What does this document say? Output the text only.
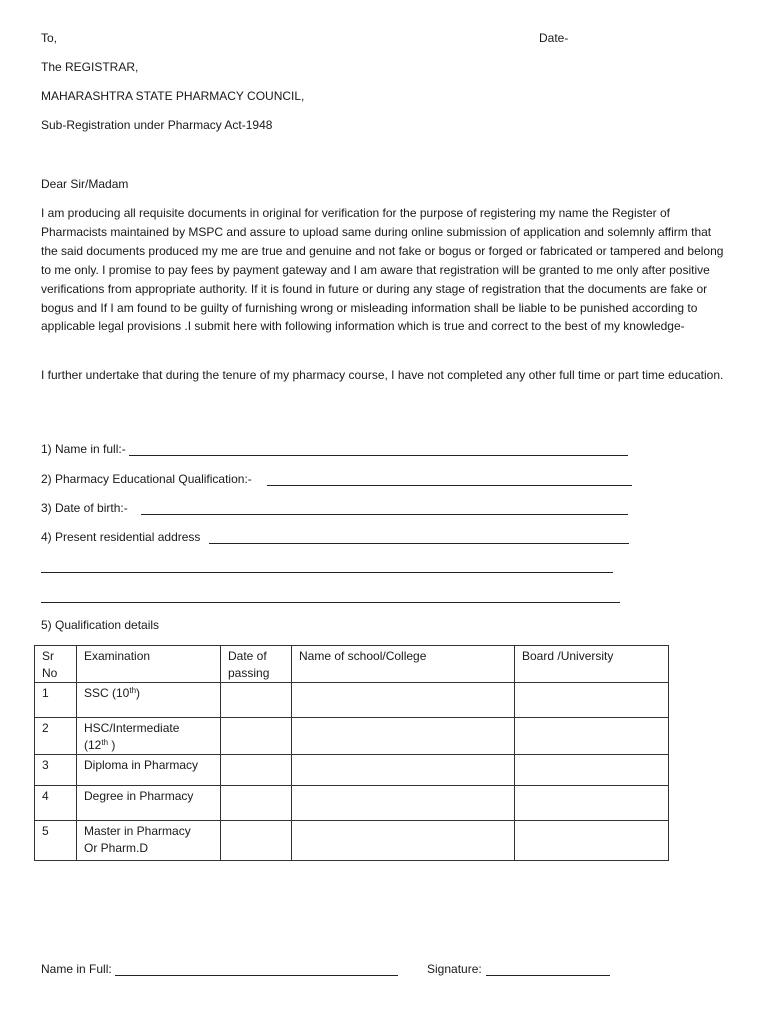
To,	Date-
The REGISTRAR,
MAHARASHTRA STATE PHARMACY COUNCIL,
Sub-Registration under Pharmacy Act-1948
Dear Sir/Madam
I am producing all requisite documents in original for verification for the purpose of registering my name the Register of Pharmacists maintained by MSPC and assure to upload same during online submission of application and solemnly affirm that the said documents produced my me are true and genuine and not fake or bogus or forged or fabricated or tampered and belong to me only. I promise to pay fees by payment gateway and I am aware that registration will be granted to me only after positive verifications from appropriate authority. If it is found in future or during any stage of registration that the documents are fake or bogus and If I am found to be guilty of furnishing wrong or misleading information shall be liable to be punished according to applicable legal provisions .I submit here with following information which is true and correct to the best of my knowledge-
I further undertake that during the tenure of my pharmacy course, I have not completed any other full time or part time education.
1) Name in full:-
2) Pharmacy Educational Qualification:-
3) Date of birth:-
4) Present residential address
5) Qualification details
Sr No	Examination	Date of passing	Name of school/College	Board /University
1	SSC (10th)			
2	HSC/Intermediate
(12th )			
3	Diploma in Pharmacy			
4	Degree in Pharmacy			
5	Master in Pharmacy
Or Pharm.D			
Name in Full:	Signature:
